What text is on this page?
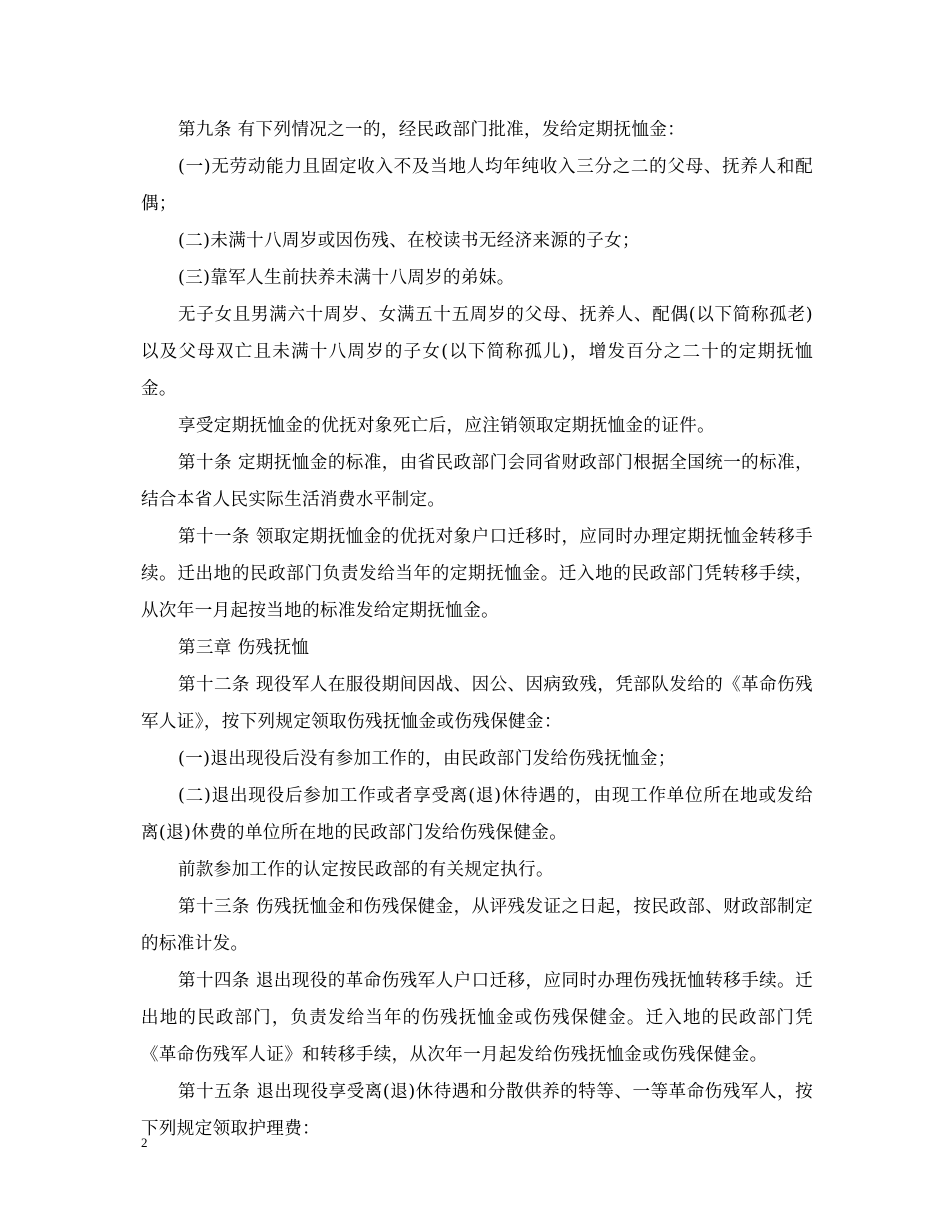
第九条 有下列情况之一的，经民政部门批准，发给定期抚恤金：

(一)无劳动能力且固定收入不及当地人均年纯收入三分之二的父母、抚养人和配偶；

(二)未满十八周岁或因伤残、在校读书无经济来源的子女；

(三)靠军人生前扶养未满十八周岁的弟妹。

无子女且男满六十周岁、女满五十五周岁的父母、抚养人、配偶(以下简称孤老)以及父母双亡且未满十八周岁的子女(以下简称孤儿)，增发百分之二十的定期抚恤金。

享受定期抚恤金的优抚对象死亡后，应注销领取定期抚恤金的证件。

第十条 定期抚恤金的标准，由省民政部门会同省财政部门根据全国统一的标准，结合本省人民实际生活消费水平制定。

第十一条 领取定期抚恤金的优抚对象户口迁移时，应同时办理定期抚恤金转移手续。迁出地的民政部门负责发给当年的定期抚恤金。迁入地的民政部门凭转移手续，从次年一月起按当地的标准发给定期抚恤金。

第三章 伤残抚恤

第十二条 现役军人在服役期间因战、因公、因病致残，凭部队发给的《革命伤残军人证》，按下列规定领取伤残抚恤金或伤残保健金：

(一)退出现役后没有参加工作的，由民政部门发给伤残抚恤金；

(二)退出现役后参加工作或者享受离(退)休待遇的，由现工作单位所在地或发给离(退)休费的单位所在地的民政部门发给伤残保健金。

前款参加工作的认定按民政部的有关规定执行。

第十三条 伤残抚恤金和伤残保健金，从评残发证之日起，按民政部、财政部制定的标准计发。

第十四条 退出现役的革命伤残军人户口迁移，应同时办理伤残抚恤转移手续。迁出地的民政部门，负责发给当年的伤残抚恤金或伤残保健金。迁入地的民政部门凭《革命伤残军人证》和转移手续，从次年一月起发给伤残抚恤金或伤残保健金。

第十五条 退出现役享受离(退)休待遇和分散供养的特等、一等革命伤残军人，按下列规定领取护理费：

2
